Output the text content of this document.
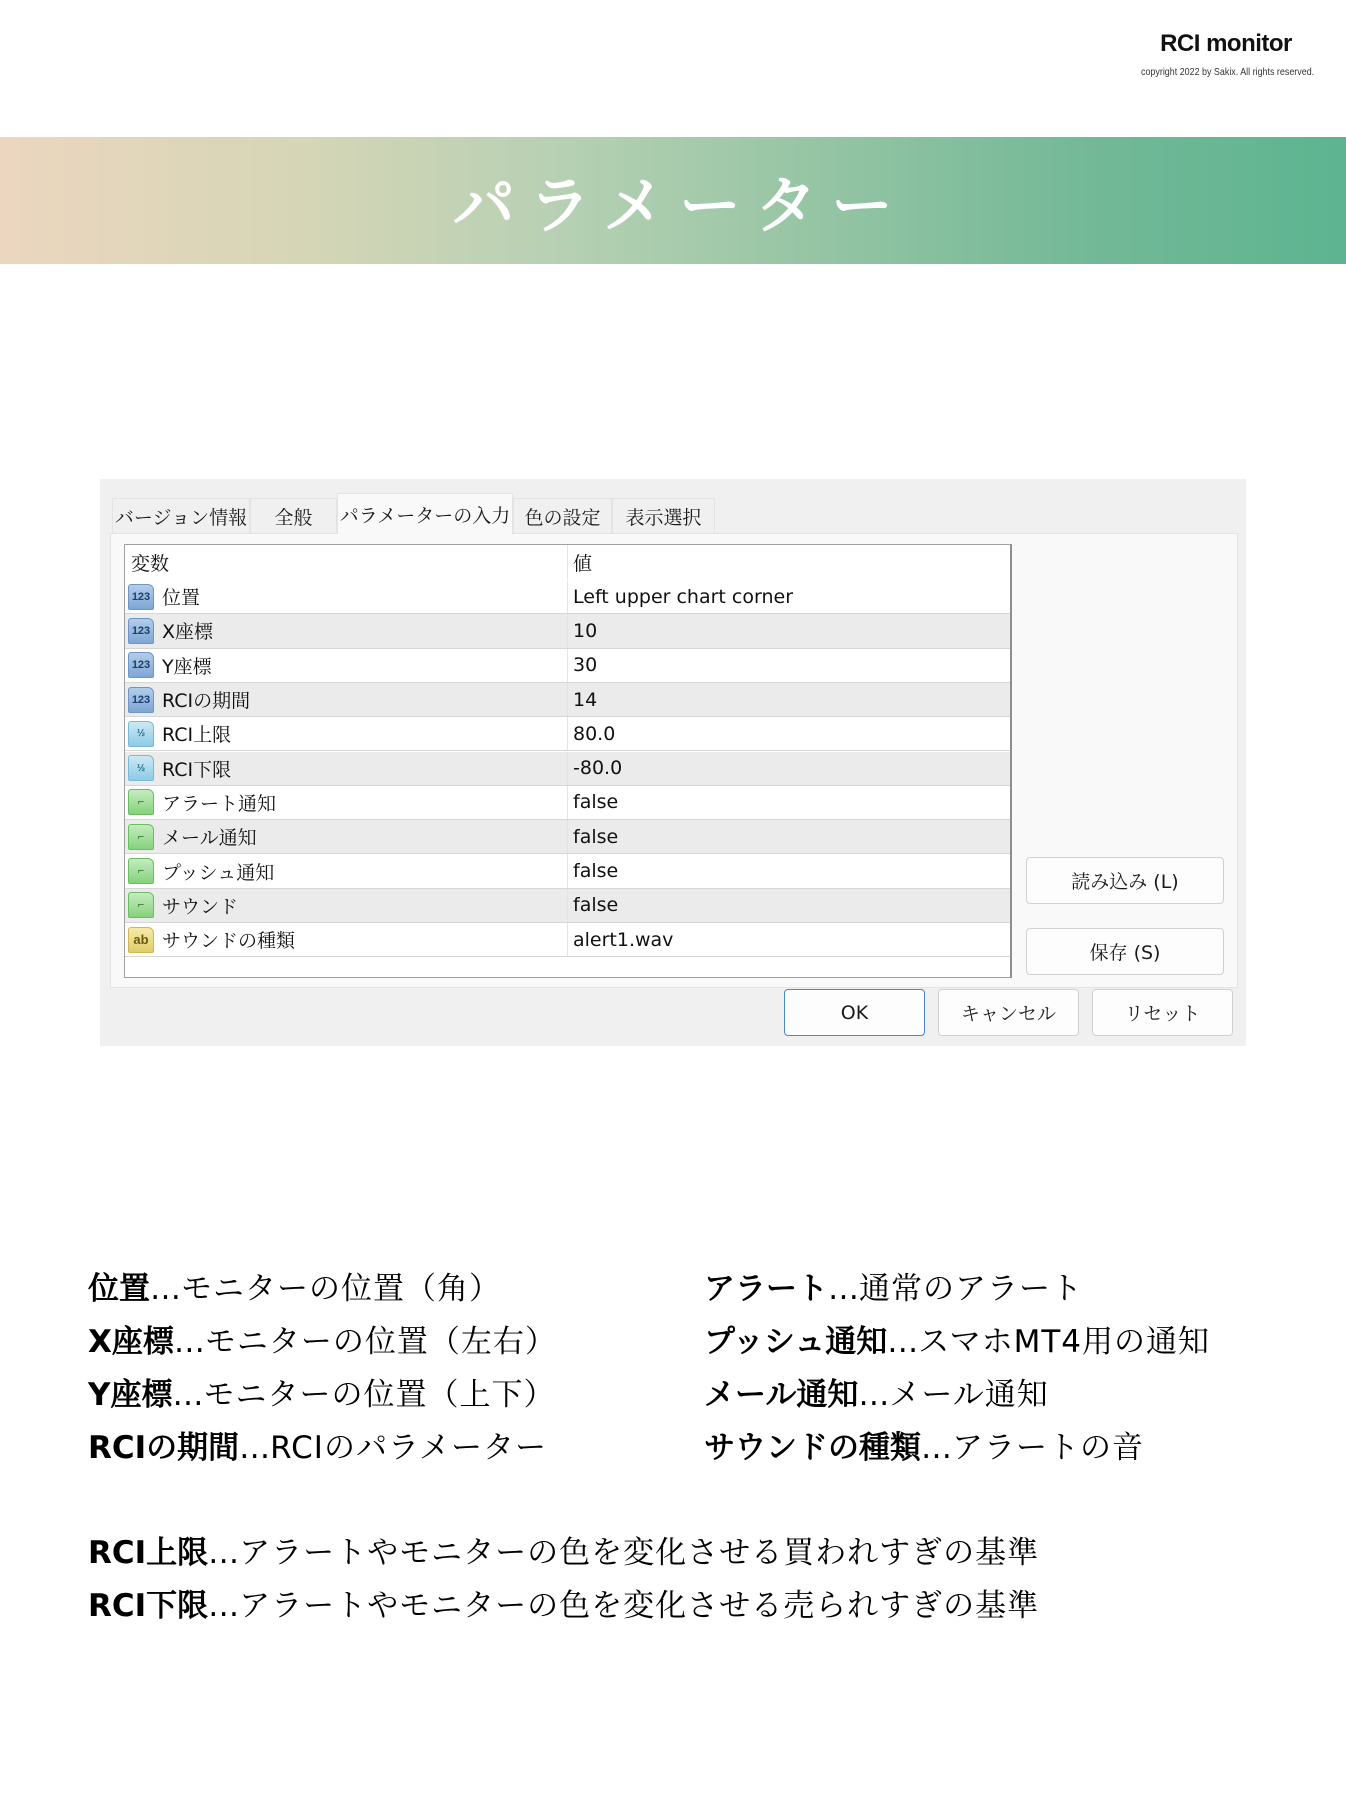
RCI monitor
copyright 2022 by Sakix. All rights reserved.
パラメーター
バージョン情報 全般 パラメーターの入力 色の設定 表示選択
変数	値
123 位置	Left upper chart corner
123 X座標	10
123 Y座標	30
123 RCIの期間	14
½ RCI上限	80.0
½ RCI下限	-80.0
⌐ アラート通知	false
⌐ メール通知	false
⌐ プッシュ通知	false
⌐ サウンド	false
ab サウンドの種類	alert1.wav
読み込み (L)
保存 (S)
OK	キャンセル	リセット
位置…モニターの位置（角）
X座標…モニターの位置（左右）
Y座標…モニターの位置（上下）
RCIの期間…RCIのパラメーター
アラート…通常のアラート
プッシュ通知…スマホMT4用の通知
メール通知…メール通知
サウンドの種類…アラートの音
RCI上限…アラートやモニターの色を変化させる買われすぎの基準
RCI下限…アラートやモニターの色を変化させる売られすぎの基準
